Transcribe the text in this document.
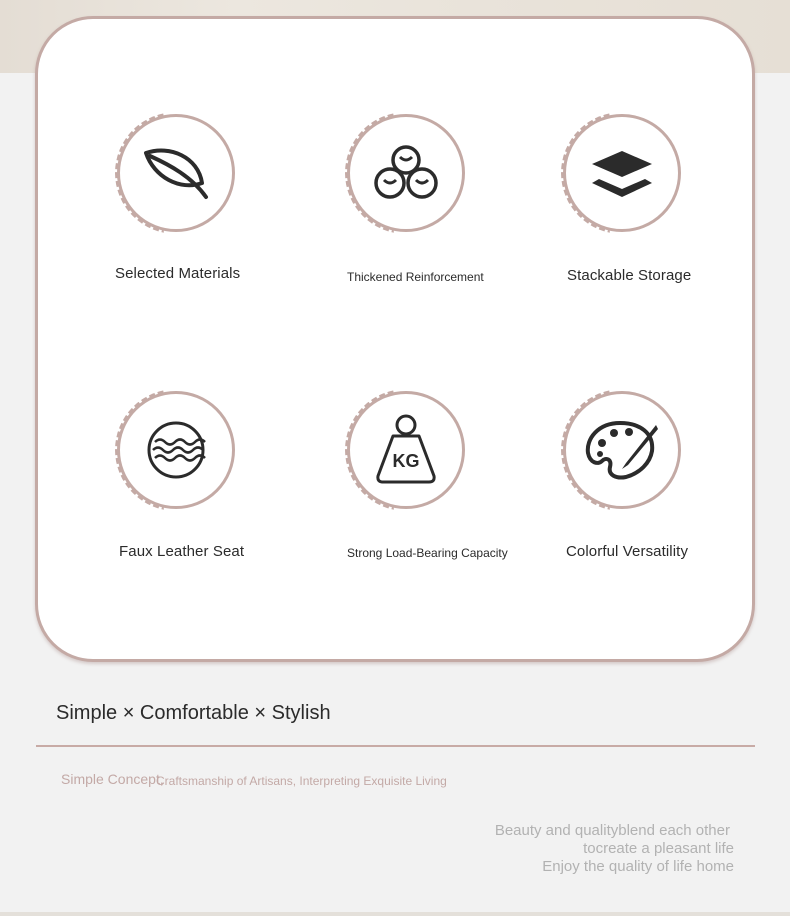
Selected Materials	Thickened Reinforcement	Stackable Storage
Faux Leather Seat
KG
Strong Load-Bearing Capacity	Colorful Versatility
Simple × Comfortable × Stylish
Simple Concept,
Craftsmanship of Artisans, Interpreting Exquisite Living
Beauty and qualityblend each other
tocreate a pleasant life
Enjoy the quality of life home
